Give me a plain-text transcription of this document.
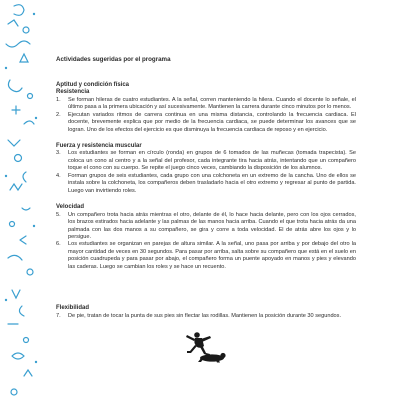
Actividades sugeridas por el programa

Aptitud y condición física

Resistencia

1. Se forman hileras de cuatro estudiantes. A la señal, corren manteniendo la hilera. Cuando el docente lo señale, el último pasa a la primera ubicación y así sucesivamente. Mantienen la carrera durante cinco minutos por lo menos.
2. Ejecutan variados ritmos de carrera continua en una misma distancia, controlando la frecuencia cardiaca. El docente, brevemente explica que por medio de la frecuencia cardiaca, se puede determinar los avances que se logran. Uno de los efectos del ejercicio es que disminuya la frecuencia cardiaca de reposo y en ejercicio.

Fuerza y resistencia muscular

3. Los estudiantes se forman en círculo (ronda) en grupos de 6 tomados de las muñecas (tomada trapecista). Se coloca un cono al centro y a la señal del profesor, cada integrante tira hacia atrás, intentando que un compañero toque el cono con su cuerpo. Se repite el juego cinco veces, cambiando la disposición de los alumnos.
4. Forman grupos de seis estudiantes, cada grupo con una colchoneta en un extremo de la cancha. Uno de ellos se instala sobre la colchoneta, los compañeros deben trasladarlo hacia el otro extremo y regresar al punto de partida. Luego van invirtiendo roles.

Velocidad

5. Un compañero trota hacia atrás mientras el otro, delante de él, lo hace hacia delante, pero con los ojos cerrados, los brazos estirados hacia adelante y las palmas de las manos hacia arriba. Cuando el que trota hacia atrás da una palmada con las dos manos a su compañero, se gira y corre a toda velocidad. El de atrás abre los ojos y lo persigue.
6. Los estudiantes se organizan en parejas de altura similar. A la señal, uno pasa por arriba y por debajo del otro la mayor cantidad de veces en 30 segundos. Para pasar por arriba, salta sobre su compañero que está en el suelo en posición cuadrupeda y para pasar por abajo, el compañero forma un puente apoyado en manos y pies y elevando las caderas. Luego se cambian los roles y se hace un recuento.

Flexibilidad

7. De pie, tratan de tocar la punta de sus pies sin flectar las rodillas. Mantienen la posición durante 30 segundos.
